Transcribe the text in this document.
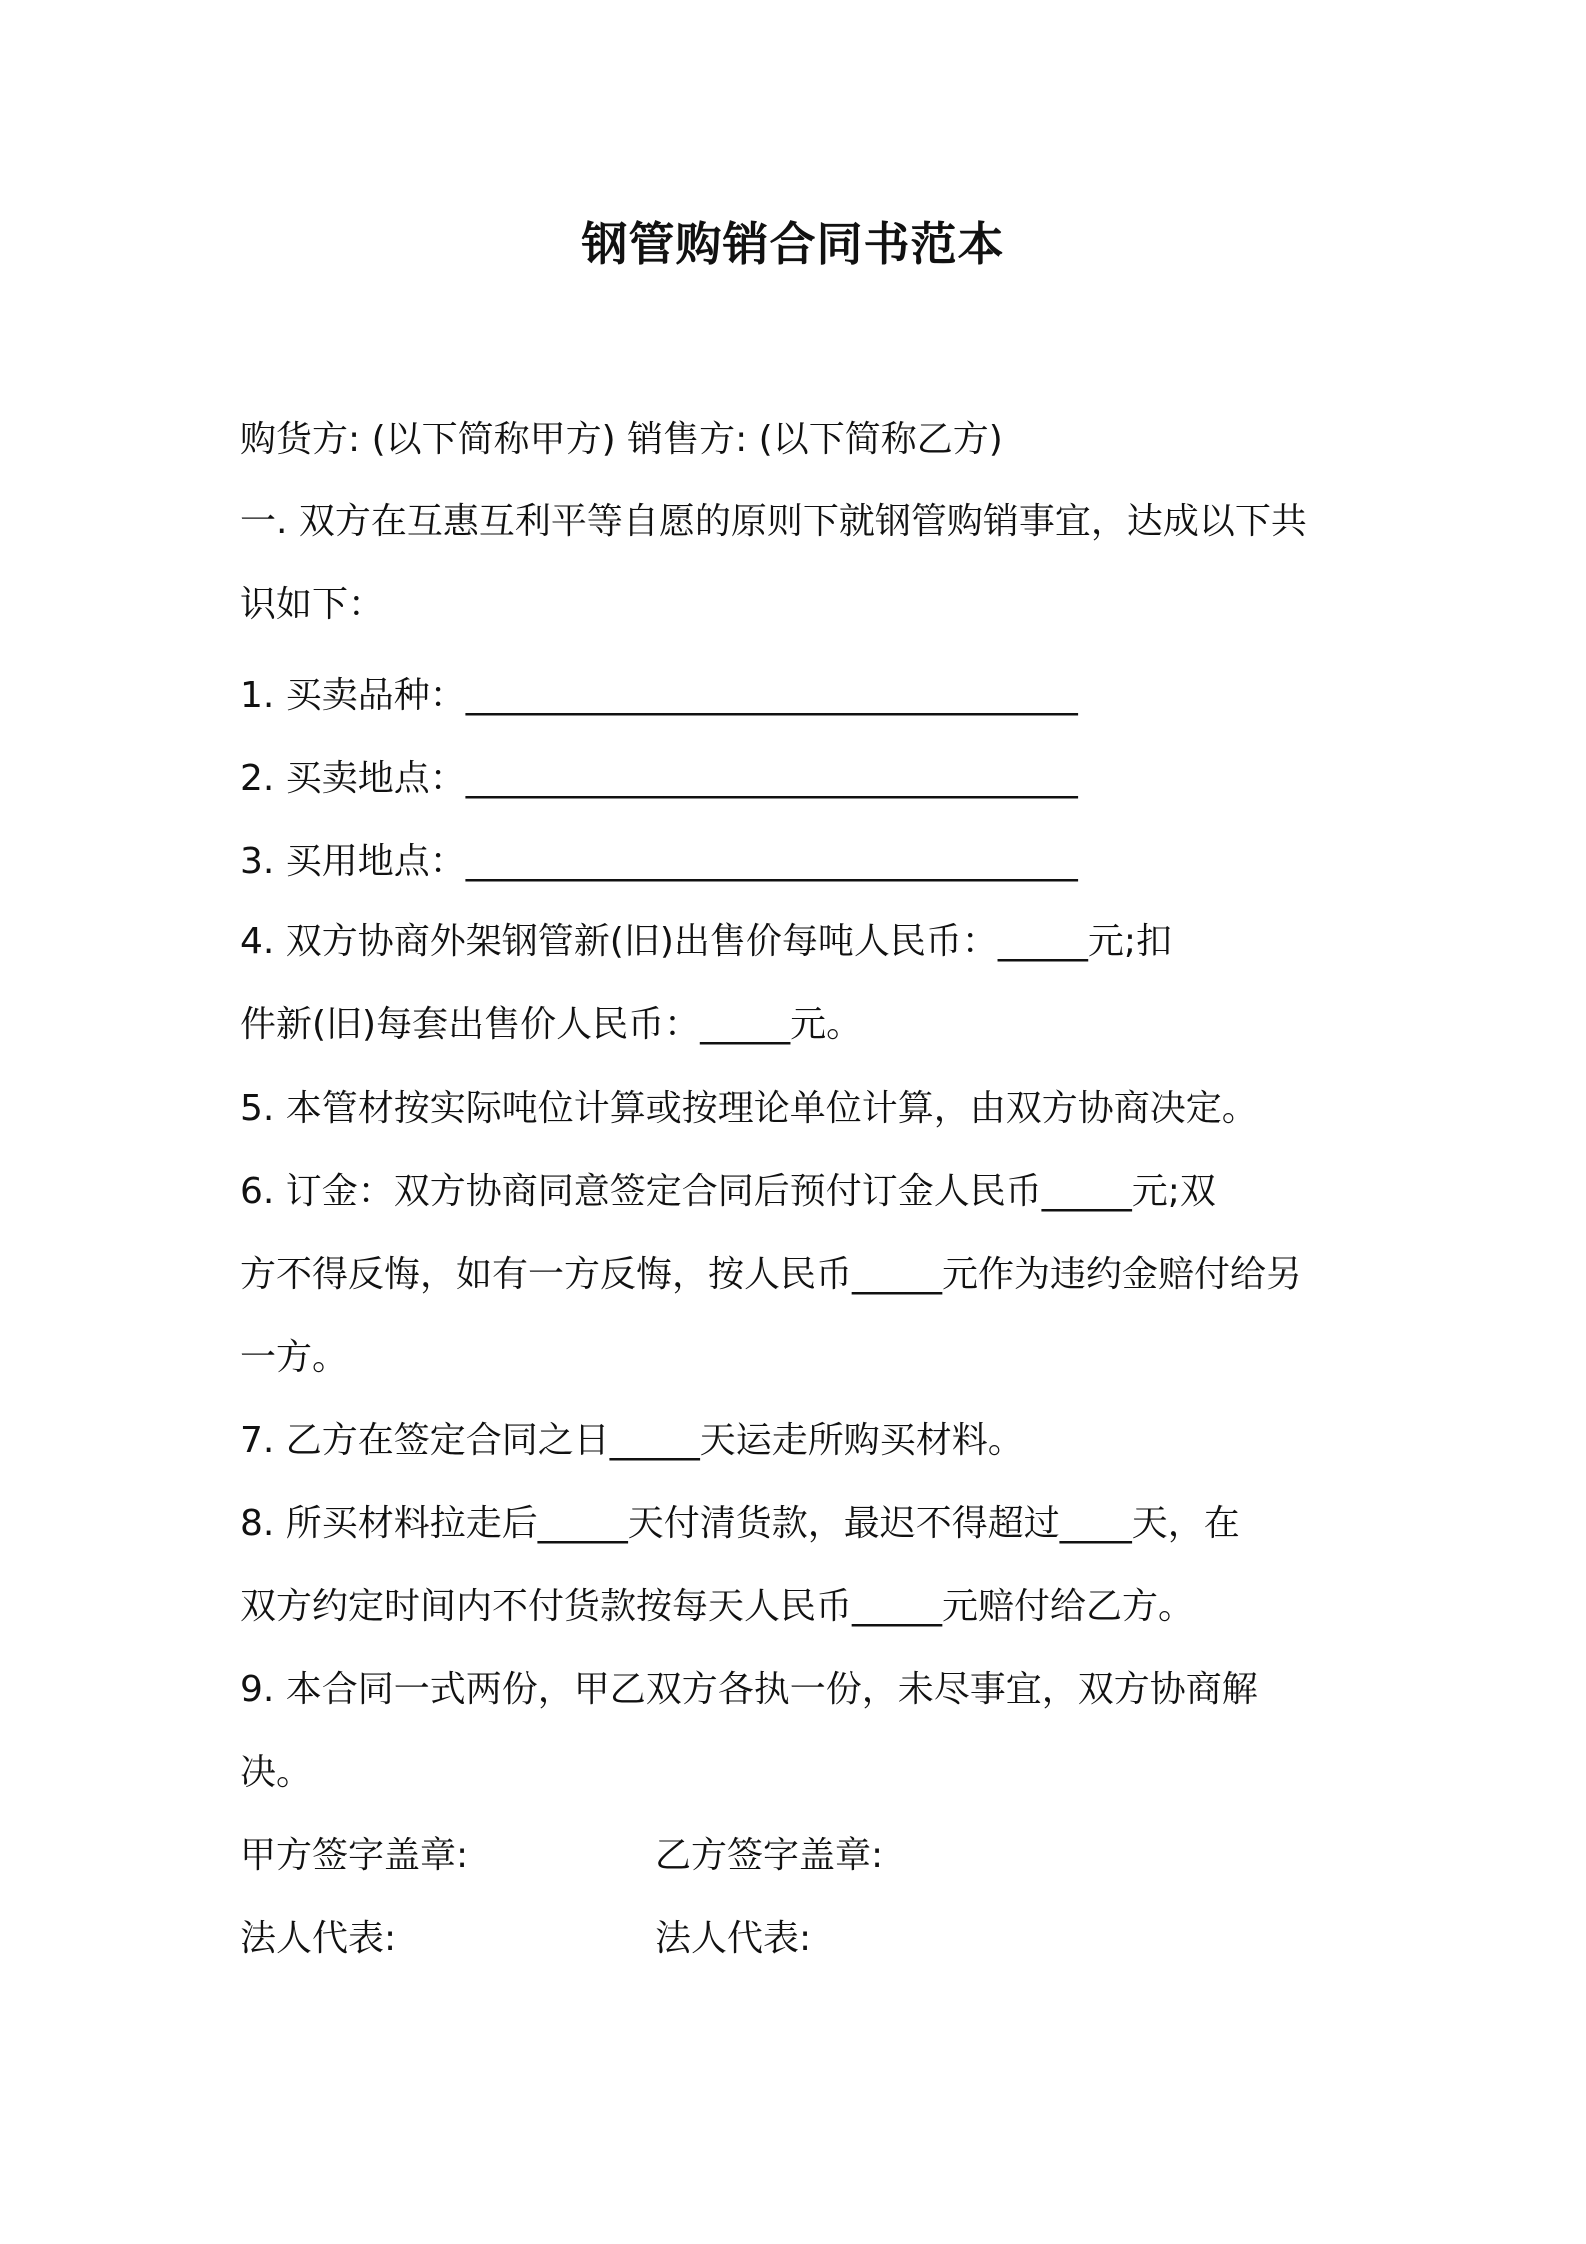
钢管购销合同书范本
购货方: (以下简称甲方) 销售方: (以下简称乙方)
一. 双方在互惠互利平等自愿的原则下就钢管购销事宜，达成以下共
识如下：
1. 买卖品种：__________________________________
2. 买卖地点：__________________________________
3. 买用地点：__________________________________
4. 双方协商外架钢管新(旧)出售价每吨人民币：_____元;扣
件新(旧)每套出售价人民币：_____元。
5. 本管材按实际吨位计算或按理论单位计算，由双方协商决定。
6. 订金：双方协商同意签定合同后预付订金人民币_____元;双
方不得反悔，如有一方反悔，按人民币_____元作为违约金赔付给另
一方。
7. 乙方在签定合同之日_____天运走所购买材料。
8. 所买材料拉走后_____天付清货款，最迟不得超过____天，在
双方约定时间内不付货款按每天人民币_____元赔付给乙方。
9. 本合同一式两份，甲乙双方各执一份，未尽事宜，双方协商解
决。
甲方签字盖章:	乙方签字盖章:
法人代表:	法人代表:
